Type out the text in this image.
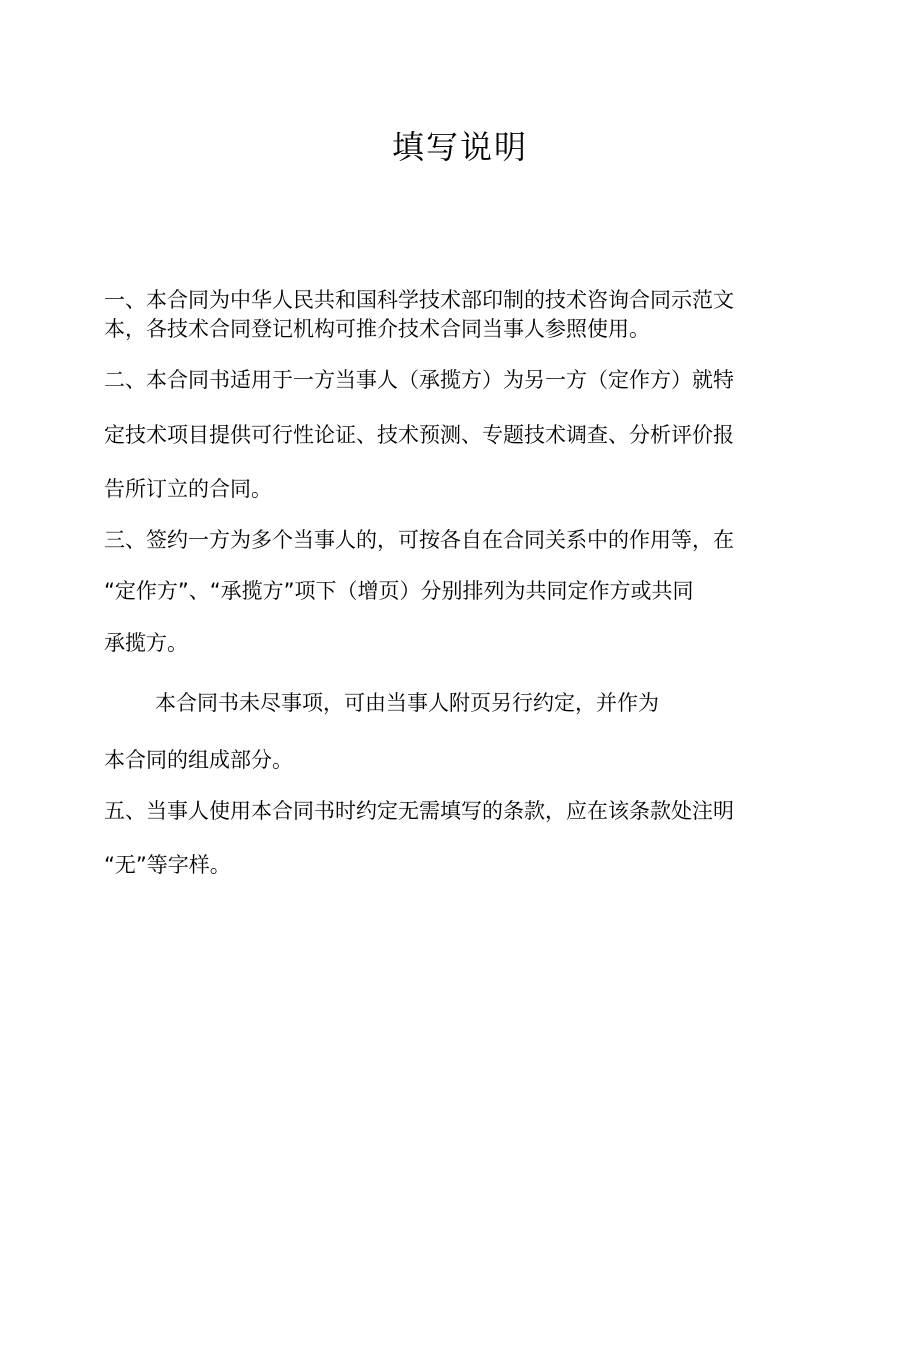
填写说明
一、本合同为中华人民共和国科学技术部印制的技术咨询合同示范文
本，各技术合同登记机构可推介技术合同当事人参照使用。
二、本合同书适用于一方当事人（承揽方）为另一方（定作方）就特
定技术项目提供可行性论证、技术预测、专题技术调查、分析评价报
告所订立的合同。
三、签约一方为多个当事人的，可按各自在合同关系中的作用等，在
“定作方”、“承揽方”项下（增页）分别排列为共同定作方或共同
承揽方。
本合同书未尽事项，可由当事人附页另行约定，并作为
本合同的组成部分。
五、当事人使用本合同书时约定无需填写的条款，应在该条款处注明
“无”等字样。
